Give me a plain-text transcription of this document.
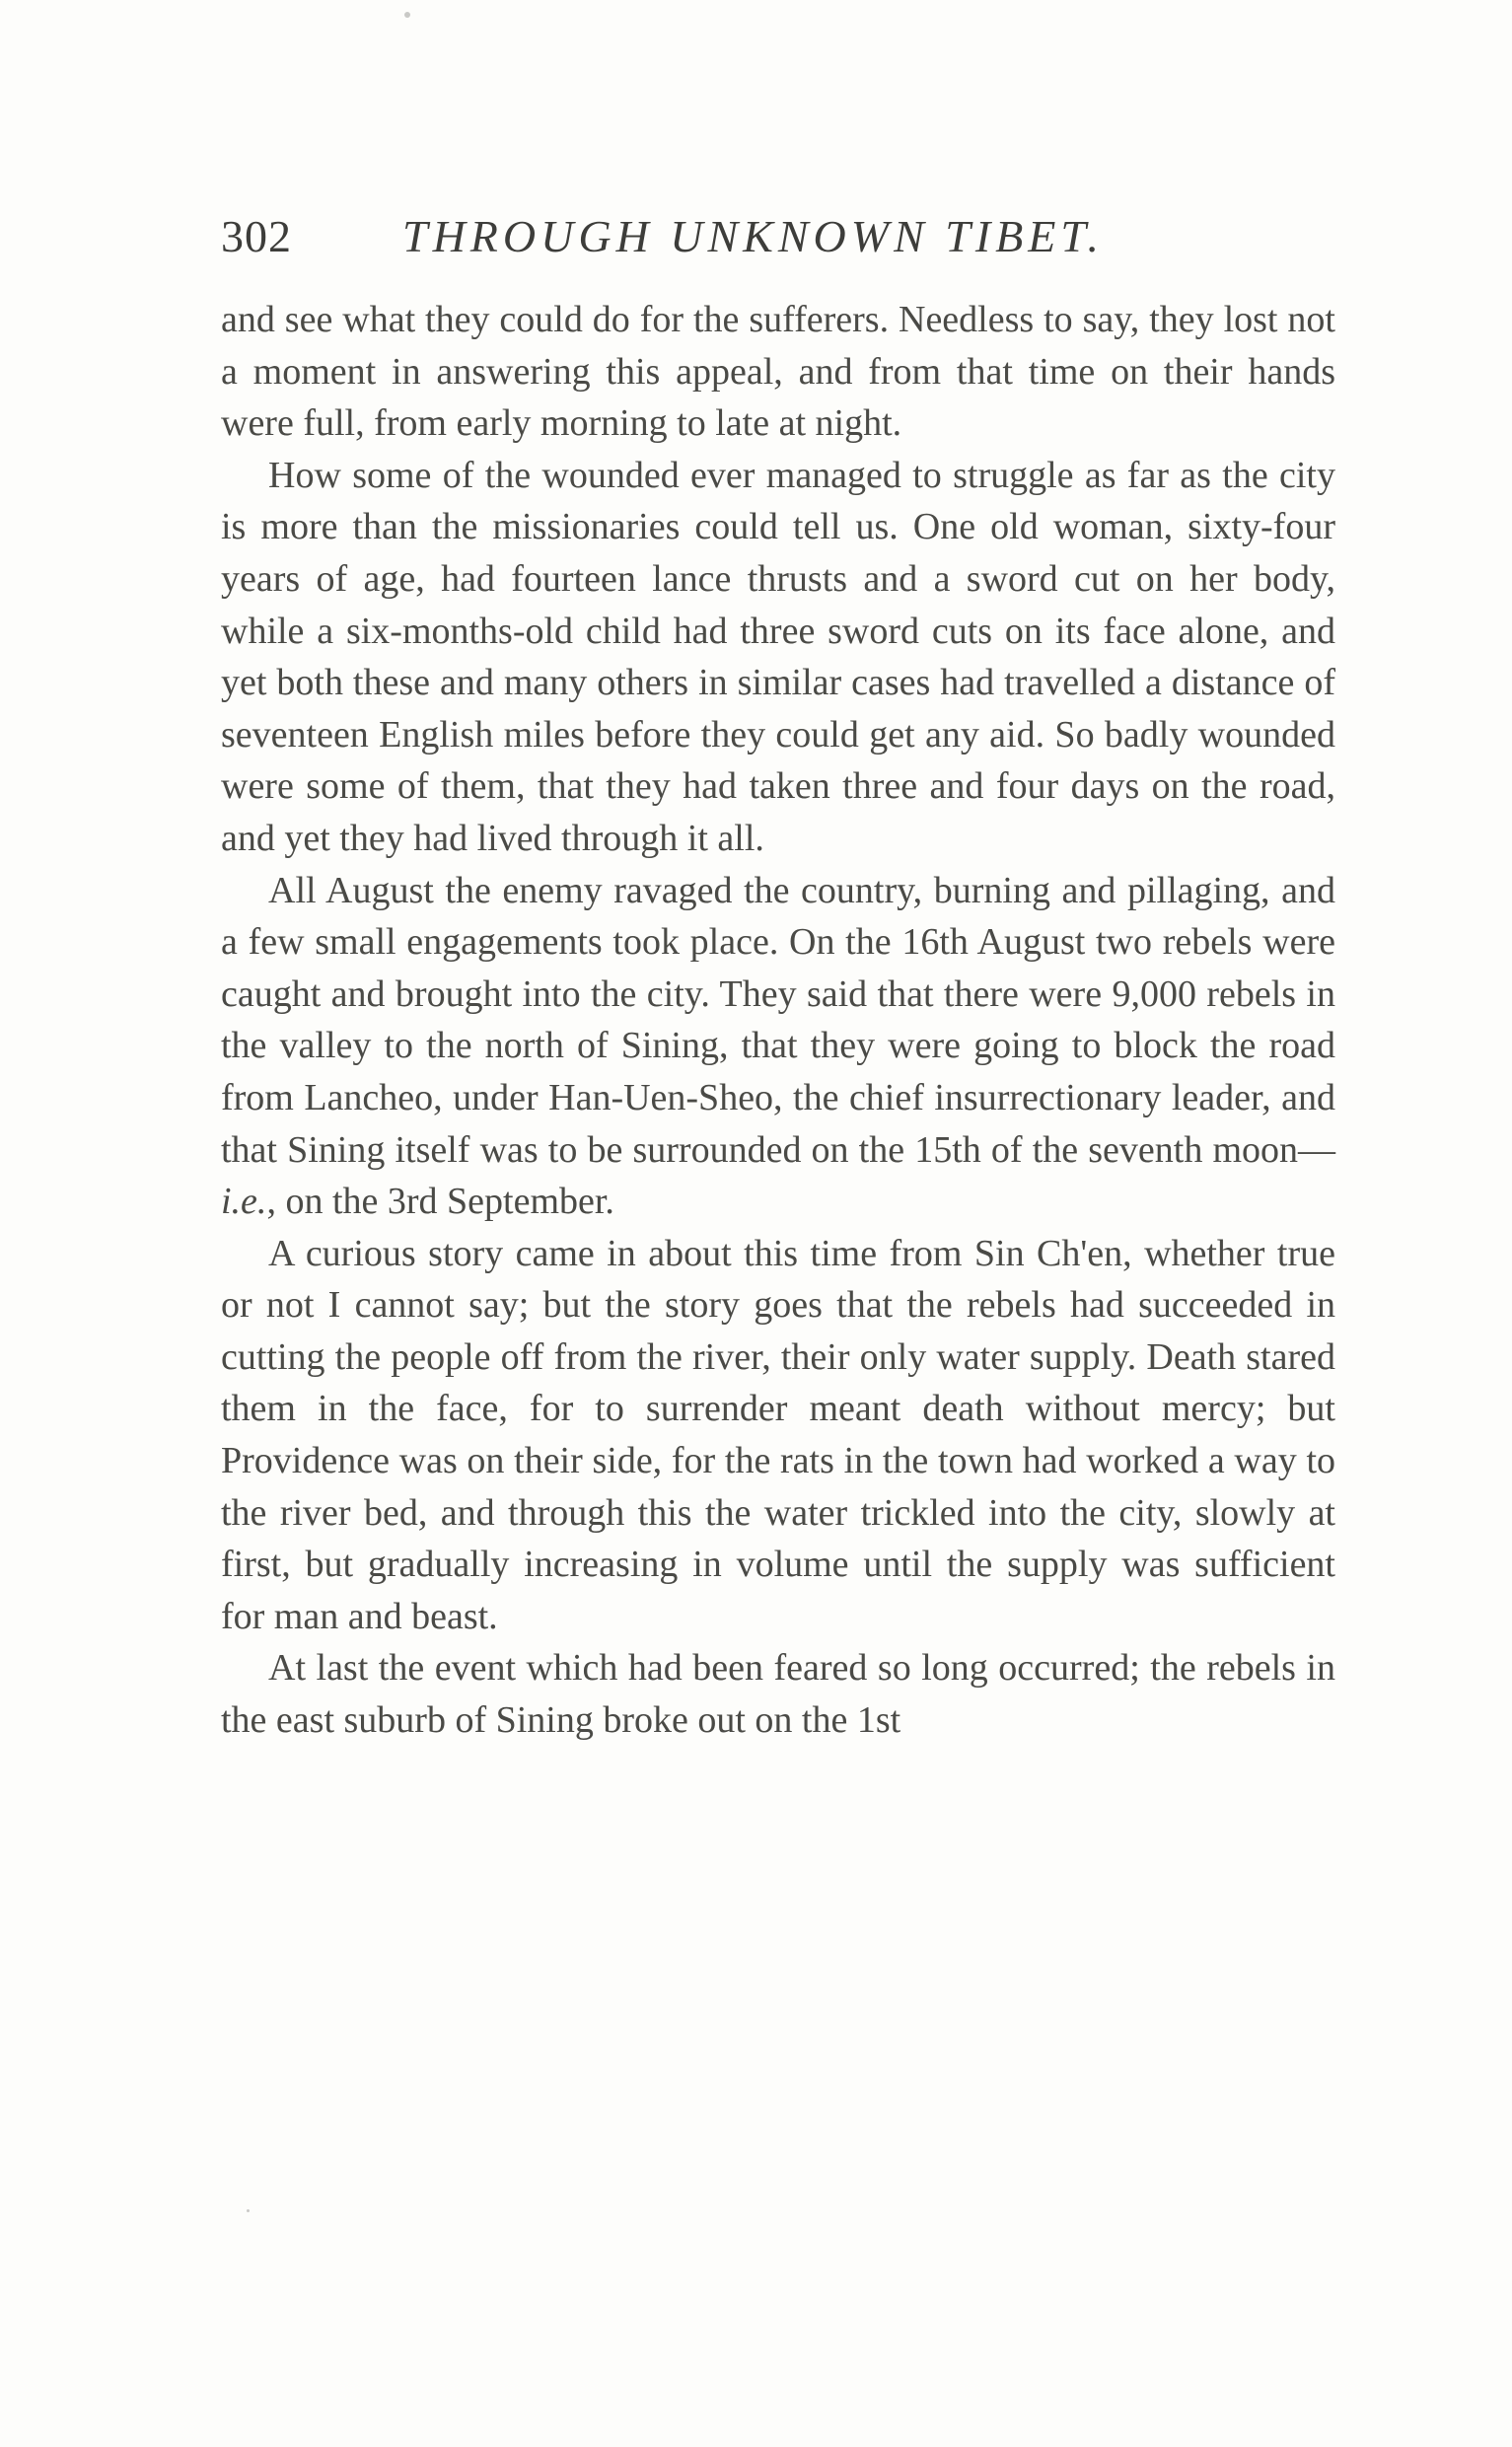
302 THROUGH UNKNOWN TIBET.

and see what they could do for the sufferers. Needless to say, they lost not a moment in answering this appeal, and from that time on their hands were full, from early morning to late at night.

How some of the wounded ever managed to struggle as far as the city is more than the missionaries could tell us. One old woman, sixty-four years of age, had fourteen lance thrusts and a sword cut on her body, while a six-months-old child had three sword cuts on its face alone, and yet both these and many others in similar cases had travelled a distance of seventeen English miles before they could get any aid. So badly wounded were some of them, that they had taken three and four days on the road, and yet they had lived through it all.

All August the enemy ravaged the country, burning and pillaging, and a few small engagements took place. On the 16th August two rebels were caught and brought into the city. They said that there were 9,000 rebels in the valley to the north of Sining, that they were going to block the road from Lancheo, under Han-Uen-Sheo, the chief insurrectionary leader, and that Sining itself was to be surrounded on the 15th of the seventh moon—i.e., on the 3rd September.

A curious story came in about this time from Sin Ch'en, whether true or not I cannot say; but the story goes that the rebels had succeeded in cutting the people off from the river, their only water supply. Death stared them in the face, for to surrender meant death without mercy; but Providence was on their side, for the rats in the town had worked a way to the river bed, and through this the water trickled into the city, slowly at first, but gradually increasing in volume until the supply was sufficient for man and beast.

At last the event which had been feared so long occurred; the rebels in the east suburb of Sining broke out on the 1st
